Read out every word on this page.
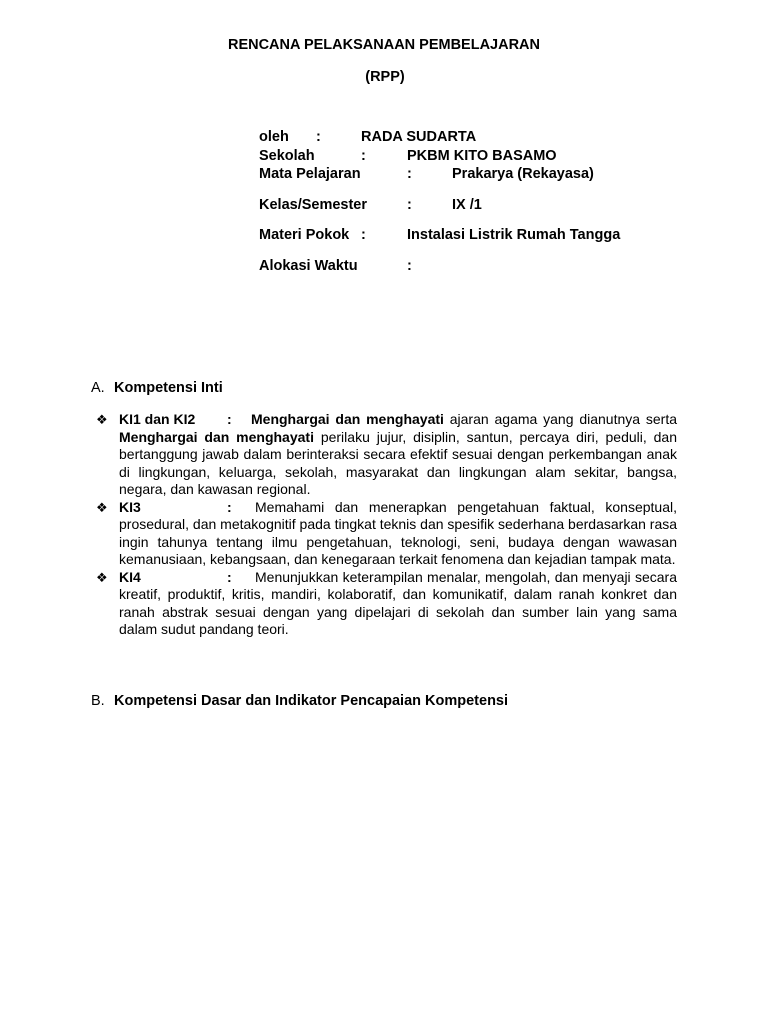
RENCANA PELAKSANAAN PEMBELAJARAN
(RPP)
oleh :	RADA SUDARTA
Sekolah	:	PKBM KITO BASAMO
Mata Pelajaran	:	Prakarya (Rekayasa)
Kelas/Semester	:	IX /1
Materi Pokok :	Instalasi Listrik Rumah Tangga
Alokasi Waktu	:
A. Kompetensi Inti
❖ KI1 dan KI2 : Menghargai dan menghayati ajaran agama yang dianutnya serta Menghargai dan menghayati perilaku jujur, disiplin, santun, percaya diri, peduli, dan bertanggung jawab dalam berinteraksi secara efektif sesuai dengan perkembangan anak di lingkungan, keluarga, sekolah, masyarakat dan lingkungan alam sekitar, bangsa, negara, dan kawasan regional.
❖ KI3	: Memahami dan menerapkan pengetahuan faktual, konseptual, prosedural, dan metakognitif pada tingkat teknis dan spesifik sederhana berdasarkan rasa ingin tahunya tentang ilmu pengetahuan, teknologi, seni, budaya dengan wawasan kemanusiaan, kebangsaan, dan kenegaraan terkait fenomena dan kejadian tampak mata.
❖ KI4	: Menunjukkan keterampilan menalar, mengolah, dan menyaji secara kreatif, produktif, kritis, mandiri, kolaboratif, dan komunikatif, dalam ranah konkret dan ranah abstrak sesuai dengan yang dipelajari di sekolah dan sumber lain yang sama dalam sudut pandang teori.
B. Kompetensi Dasar dan Indikator Pencapaian Kompetensi
